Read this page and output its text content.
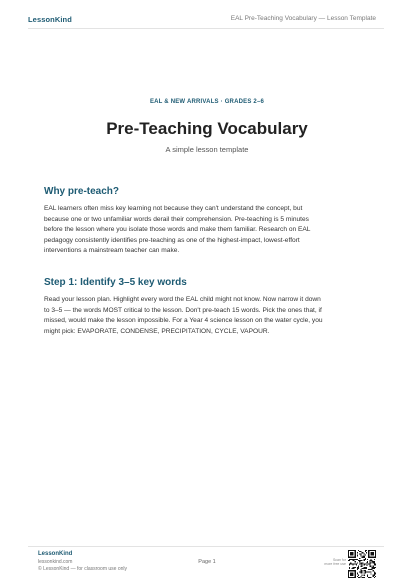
LessonKind	EAL Pre-Teaching Vocabulary — Lesson Template
EAL & NEW ARRIVALS · GRADES 2–6
Pre-Teaching Vocabulary
A simple lesson template
Why pre-teach?

EAL learners often miss key learning not because they can't understand the concept, but

because one or two unfamiliar words derail their comprehension. Pre-teaching is 5 minutes

before the lesson where you isolate those words and make them familiar. Research on EAL

pedagogy consistently identifies pre-teaching as one of the highest-impact, lowest-effort

interventions a mainstream teacher can make.

Step 1: Identify 3–5 key words

Read your lesson plan. Highlight every word the EAL child might not know. Now narrow it down

to 3–5 — the words MOST critical to the lesson. Don't pre-teach 15 words. Pick the ones that, if

missed, would make the lesson impossible. For a Year 4 science lesson on the water cycle, you

might pick: EVAPORATE, CONDENSE, PRECIPITATION, CYCLE, VAPOUR.

LessonKind
lessonkind.com
© LessonKind — for classroom use only
Page 1	Scan for
more free use
